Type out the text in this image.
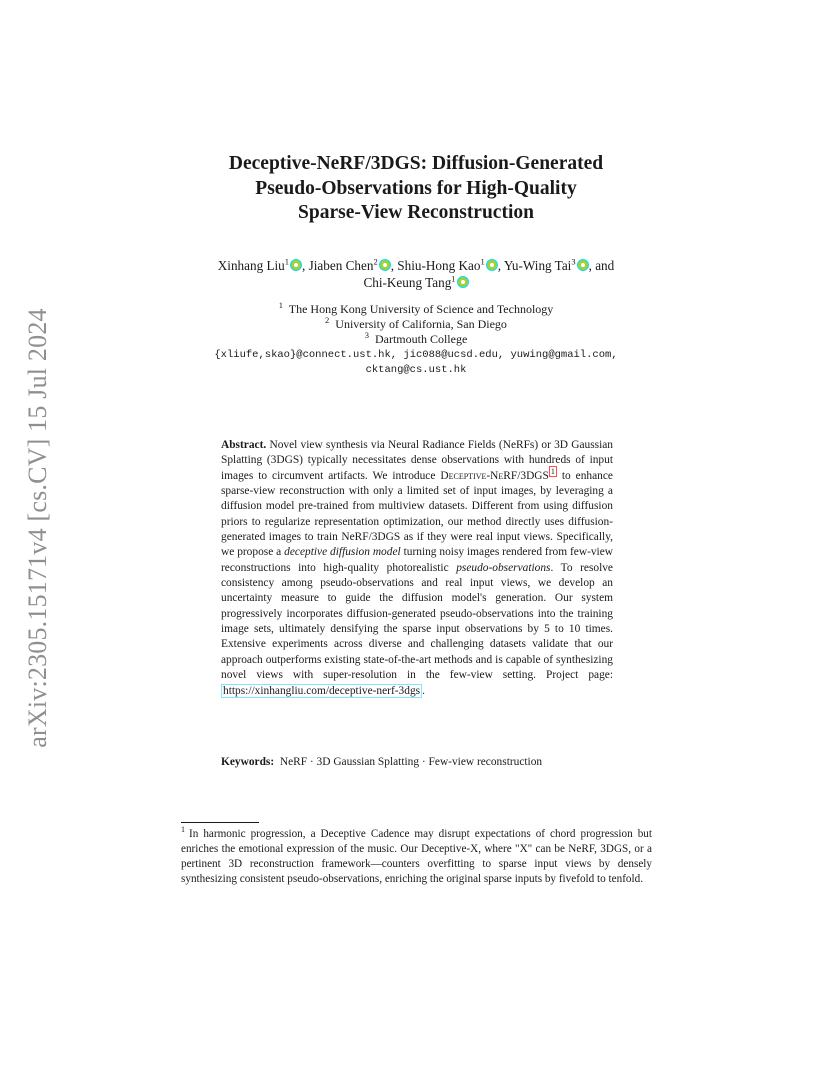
arXiv:2305.15171v4 [cs.CV] 15 Jul 2024
Deceptive-NeRF/3DGS: Diffusion-Generated
Pseudo-Observations for High-Quality
Sparse-View Reconstruction
Xinhang Liu$^1$ , Jiaben Chen$^2$ , Shiu-Hong Kao$^1$ , Yu-Wing Tai$^3$ , and
Chi-Keung Tang$^1$
$^1$ The Hong Kong University of Science and Technology
$^2$ University of California, San Diego
$^3$ Dartmouth College
{xliufe,skao}@connect.ust.hk, jic088@ucsd.edu, yuwing@gmail.com,
cktang@cs.ust.hk
Abstract. Novel view synthesis via Neural Radiance Fields (NeRFs) or 3D Gaussian Splatting (3DGS) typically necessitates dense observations with hundreds of input images to circumvent artifacts. We introduce Deceptive-NeRF/3DGS $^1$ to enhance sparse-view reconstruction with only a limited set of input images, by leveraging a diffusion model pre-trained from multiview datasets. Different from using diffusion priors to regularize representation optimization, our method directly uses diffusion-generated images to train NeRF/3DGS as if they were real input views. Specifically, we propose a deceptive diffusion model turning noisy images rendered from few-view reconstructions into high-quality photorealistic pseudo-observations. To resolve consistency among pseudo-observations and real input views, we develop an uncertainty measure to guide the diffusion model's generation. Our system progressively incorporates diffusion-generated pseudo-observations into the training image sets, ultimately densifying the sparse input observations by 5 to 10 times. Extensive experiments across diverse and challenging datasets validate that our approach outperforms existing state-of-the-art methods and is capable of synthesizing novel views with super-resolution in the few-view setting. Project page: https://xinhangliu.com/deceptive-nerf-3dgs .
Keywords: NeRF · 3D Gaussian Splatting · Few-view reconstruction
$^1$ In harmonic progression, a Deceptive Cadence may disrupt expectations of chord progression but enriches the emotional expression of the music. Our Deceptive-X, where "X" can be NeRF, 3DGS, or a pertinent 3D reconstruction framework—counters overfitting to sparse input views by densely synthesizing consistent pseudo-observations, enriching the original sparse inputs by fivefold to tenfold.
